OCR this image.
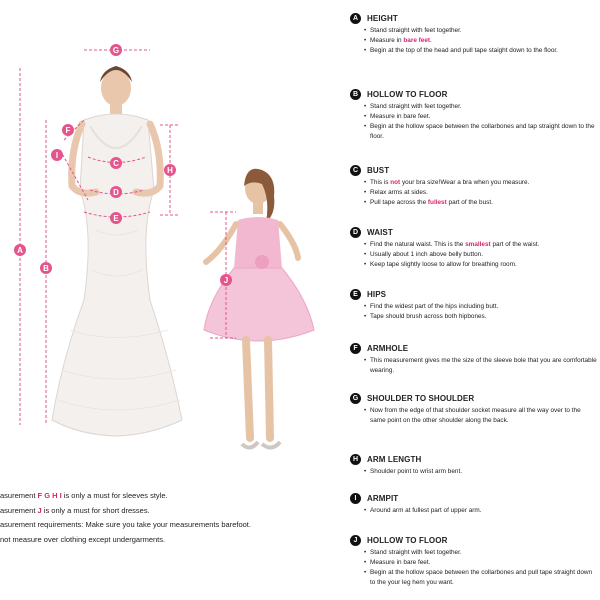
G
F
I
C
H
D
E
A
B
J
asurement F G H I is only a must for sleeves style.
asurement J is only a must for short dresses.
asurement requirements: Make sure you take your measurements barefoot.
not measure over clothing except undergarments.
A	HEIGHT
• Stand straight with feet together.
• Measure in bare feet.
• Begin at the top of the head and pull tape staight down to the floor.
B	HOLLOW TO FLOOR
• Stand straight with feet together.
• Measure in bare feet.
• Begin at the hollow space between the collarbones and tap straight down to the floor.
C	BUST
• This is not your bra size!Wear a bra when you measure.
• Relax arms at sides.
• Pull tape across the fullest part of the bust.
D	WAIST
• Find the natural waist. This is the smallest part of the waist.
• Usually about 1 inch above belly button.
• Keep tape slightly loose to allow for breathing room.
E	HIPS
• Find the widest part of the hips including butt.
• Tape should brush across both hipbones.
F	ARMHOLE
• This measurement gives me the size of the sleeve bole that you are comfortable wearing.
G	SHOULDER TO SHOULDER
• Now from the edge of that shoulder socket measure all the way over to the same point on the other shoulder along the back.
H	ARM LENGTH
• Shoulder point to wrist arm bent.
I	ARMPIT
• Around arm at fullest part of upper arm.
J	HOLLOW TO FLOOR
• Stand straight with feet together.
• Measure in bare feet.
• Begin at the hollow space between the collarbones and pull tape straight down to the your leg hem you want.
